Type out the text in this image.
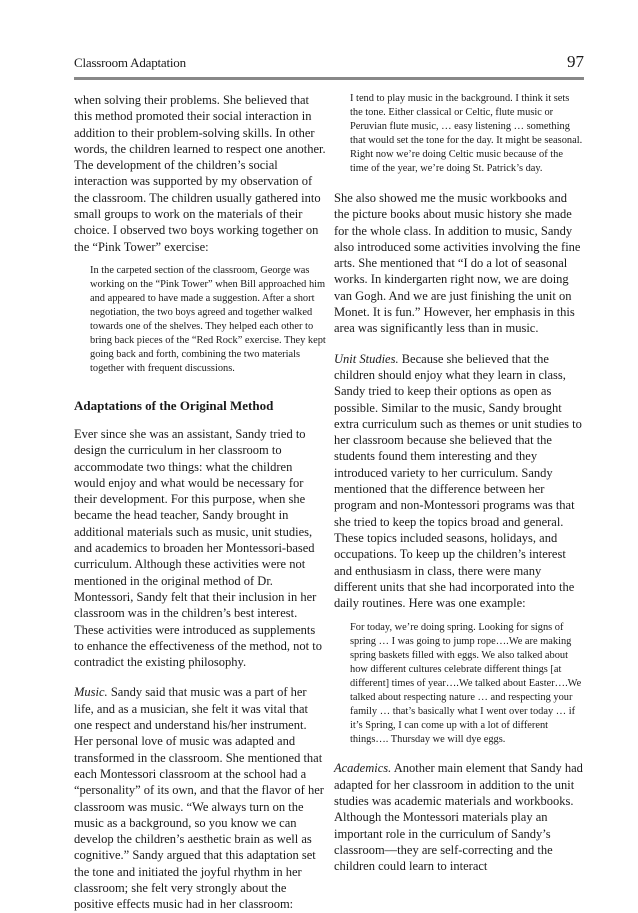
Classroom Adaptation	97

when solving their problems. She believed that this method promoted their social interaction in addition to their problem-solving skills. In other words, the children learned to respect one another. The development of the children’s social interaction was supported by my observation of the classroom. The children usually gathered into small groups to work on the materials of their choice. I observed two boys working together on the “Pink Tower” exercise:

In the carpeted section of the classroom, George was working on the “Pink Tower” when Bill approached him and appeared to have made a suggestion. After a short negotiation, the two boys agreed and together walked towards one of the shelves. They helped each other to bring back pieces of the “Red Rock” exercise. They kept going back and forth, combining the two materials together with frequent discussions.

Adaptations of the Original Method

Ever since she was an assistant, Sandy tried to design the curriculum in her classroom to accommodate two things: what the children would enjoy and what would be necessary for their development. For this purpose, when she became the head teacher, Sandy brought in additional materials such as music, unit studies, and academics to broaden her Montessori-based curriculum. Although these activities were not mentioned in the original method of Dr. Montessori, Sandy felt that their inclusion in her classroom was in the children’s best interest. These activities were introduced as supplements to enhance the effectiveness of the method, not to contradict the existing philosophy.

Music. Sandy said that music was a part of her life, and as a musician, she felt it was vital that one respect and understand his/her instrument. Her personal love of music was adapted and transformed in the classroom. She mentioned that each Montessori classroom at the school had a “personality” of its own, and that the flavor of her classroom was music. “We always turn on the music as a background, so you know we can develop the children’s aesthetic brain as well as cognitive.” Sandy argued that this adaptation set the tone and initiated the joyful rhythm in her classroom; she felt very strongly about the positive effects music had in her classroom:

I tend to play music in the background. I think it sets the tone. Either classical or Celtic, flute music or Peruvian flute music, … easy listening … something that would set the tone for the day. It might be seasonal. Right now we’re doing Celtic music because of the time of the year, we’re doing St. Patrick’s day.

She also showed me the music workbooks and the picture books about music history she made for the whole class. In addition to music, Sandy also introduced some activities involving the fine arts. She mentioned that “I do a lot of seasonal works. In kindergarten right now, we are doing van Gogh. And we are just finishing the unit on Monet. It is fun.” However, her emphasis in this area was significantly less than in music.

Unit Studies. Because she believed that the children should enjoy what they learn in class, Sandy tried to keep their options as open as possible. Similar to the music, Sandy brought extra curriculum such as themes or unit studies to her classroom because she believed that the students found them interesting and they introduced variety to her curriculum. Sandy mentioned that the difference between her program and non-Montessori programs was that she tried to keep the topics broad and general. These topics included seasons, holidays, and occupations. To keep up the children’s interest and enthusiasm in class, there were many different units that she had incorporated into the daily routines. Here was one example:

For today, we’re doing spring. Looking for signs of spring … I was going to jump rope….We are making spring baskets filled with eggs. We also talked about how different cultures celebrate different things [at different] times of year….We talked about Easter….We talked about respecting nature … and respecting your family … that’s basically what I went over today … if it’s Spring, I can come up with a lot of different things…. Thursday we will dye eggs.

Academics. Another main element that Sandy had adapted for her classroom in addition to the unit studies was academic materials and workbooks. Although the Montessori materials play an important role in the curriculum of Sandy’s classroom—they are self-correcting and the children could learn to interact
